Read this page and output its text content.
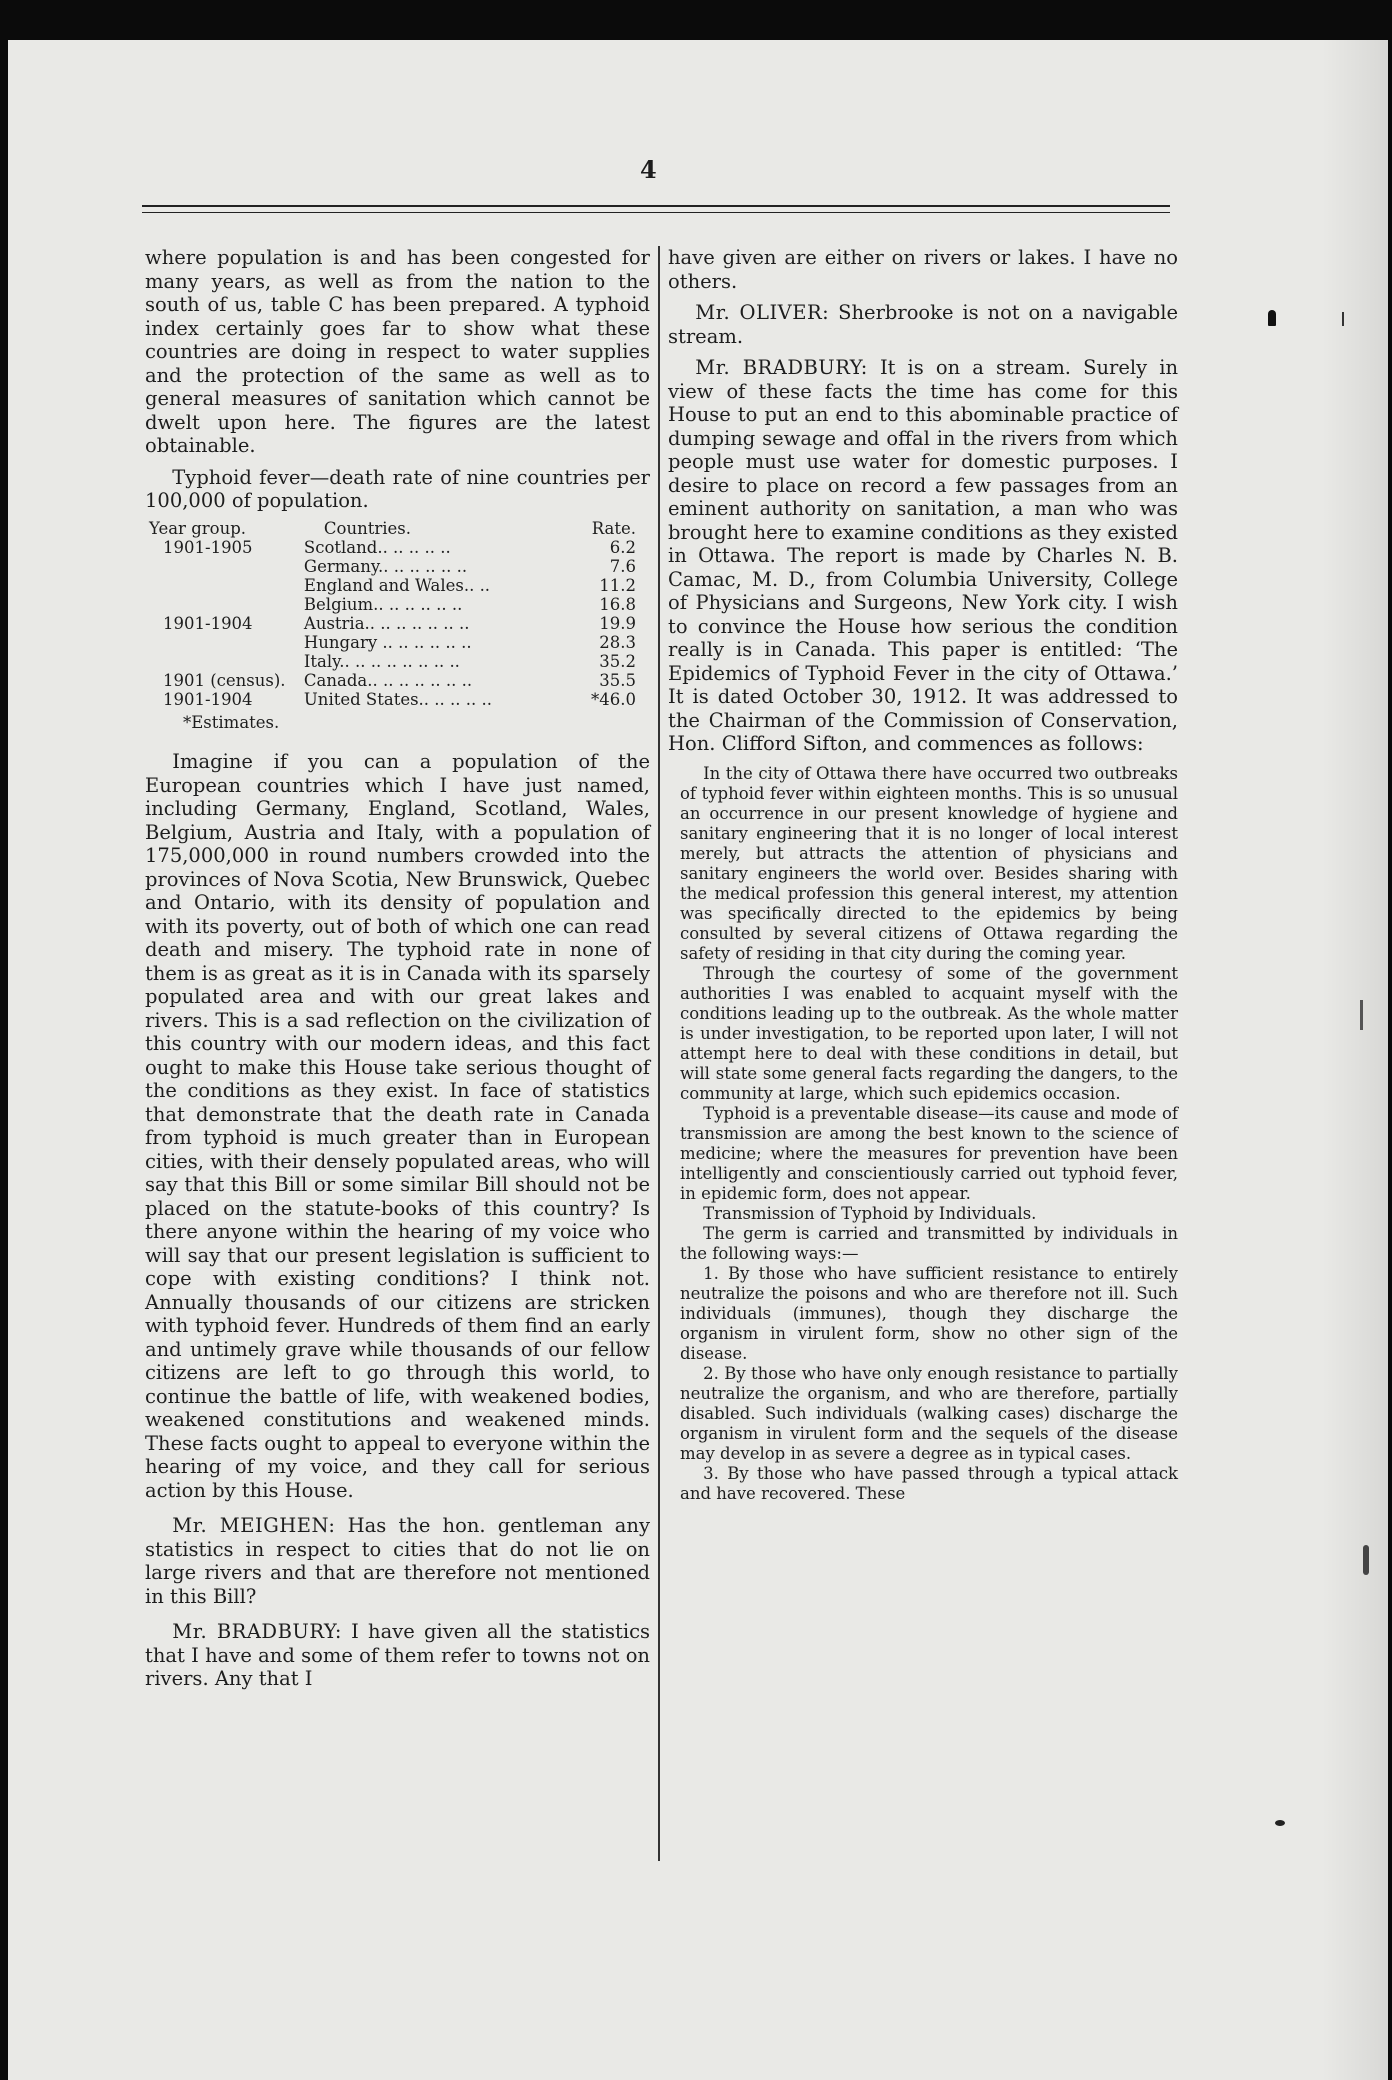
4

where population is and has been congested for many years, as well as from the nation to the south of us, table C has been prepared. A typhoid index certainly goes far to show what these countries are doing in respect to water supplies and the protection of the same as well as to general measures of sanitation which cannot be dwelt upon here. The figures are the latest obtainable.

Typhoid fever—death rate of nine countries per 100,000 of population.

Year group.	Countries.	Rate.
1901-1905	Scotland.. .. .. .. ..	6.2
	Germany.. .. .. .. .. ..	7.6
	England and Wales.. ..	11.2
	Belgium.. .. .. .. .. ..	16.8
1901-1904	Austria.. .. .. .. .. .. ..	19.9
	Hungary .. .. .. .. .. ..	28.3
	Italy.. .. .. .. .. .. .. ..	35.2
1901 (census).	Canada.. .. .. .. .. .. ..	35.5
1901-1904	United States.. .. .. .. ..	*46.0
*Estimates.

Imagine if you can a population of the European countries which I have just named, including Germany, England, Scotland, Wales, Belgium, Austria and Italy, with a population of 175,000,000 in round numbers crowded into the provinces of Nova Scotia, New Brunswick, Quebec and Ontario, with its density of population and with its poverty, out of both of which one can read death and misery. The typhoid rate in none of them is as great as it is in Canada with its sparsely populated area and with our great lakes and rivers. This is a sad reflection on the civilization of this country with our modern ideas, and this fact ought to make this House take serious thought of the conditions as they exist. In face of statistics that demonstrate that the death rate in Canada from typhoid is much greater than in European cities, with their densely populated areas, who will say that this Bill or some similar Bill should not be placed on the statute-books of this country? Is there anyone within the hearing of my voice who will say that our present legislation is sufficient to cope with existing conditions? I think not. Annually thousands of our citizens are stricken with typhoid fever. Hundreds of them find an early and untimely grave while thousands of our fellow citizens are left to go through this world, to continue the battle of life, with weakened bodies, weakened constitutions and weakened minds. These facts ought to appeal to everyone within the hearing of my voice, and they call for serious action by this House.

Mr. MEIGHEN: Has the hon. gentleman any statistics in respect to cities that do not lie on large rivers and that are therefore not mentioned in this Bill?

Mr. BRADBURY: I have given all the statistics that I have and some of them refer to towns not on rivers. Any that I

have given are either on rivers or lakes. I have no others.

Mr. OLIVER: Sherbrooke is not on a navigable stream.

Mr. BRADBURY: It is on a stream. Surely in view of these facts the time has come for this House to put an end to this abominable practice of dumping sewage and offal in the rivers from which people must use water for domestic purposes. I desire to place on record a few passages from an eminent authority on sanitation, a man who was brought here to examine conditions as they existed in Ottawa. The report is made by Charles N. B. Camac, M. D., from Columbia University, College of Physicians and Surgeons, New York city. I wish to convince the House how serious the condition really is in Canada. This paper is entitled: ‘The Epidemics of Typhoid Fever in the city of Ottawa.’ It is dated October 30, 1912. It was addressed to the Chairman of the Commission of Conservation, Hon. Clifford Sifton, and commences as follows:

In the city of Ottawa there have occurred two outbreaks of typhoid fever within eighteen months. This is so unusual an occurrence in our present knowledge of hygiene and sanitary engineering that it is no longer of local interest merely, but attracts the attention of physicians and sanitary engineers the world over. Besides sharing with the medical profession this general interest, my attention was specifically directed to the epidemics by being consulted by several citizens of Ottawa regarding the safety of residing in that city during the coming year.

Through the courtesy of some of the government authorities I was enabled to acquaint myself with the conditions leading up to the outbreak. As the whole matter is under investigation, to be reported upon later, I will not attempt here to deal with these conditions in detail, but will state some general facts regarding the dangers, to the community at large, which such epidemics occasion.

Typhoid is a preventable disease—its cause and mode of transmission are among the best known to the science of medicine; where the measures for prevention have been intelligently and conscientiously carried out typhoid fever, in epidemic form, does not appear.

Transmission of Typhoid by Individuals.

The germ is carried and transmitted by individuals in the following ways:—

1. By those who have sufficient resistance to entirely neutralize the poisons and who are therefore not ill. Such individuals (immunes), though they discharge the organism in virulent form, show no other sign of the disease.

2. By those who have only enough resistance to partially neutralize the organism, and who are therefore, partially disabled. Such individuals (walking cases) discharge the organism in virulent form and the sequels of the disease may develop in as severe a degree as in typical cases.

3. By those who have passed through a typical attack and have recovered. These
